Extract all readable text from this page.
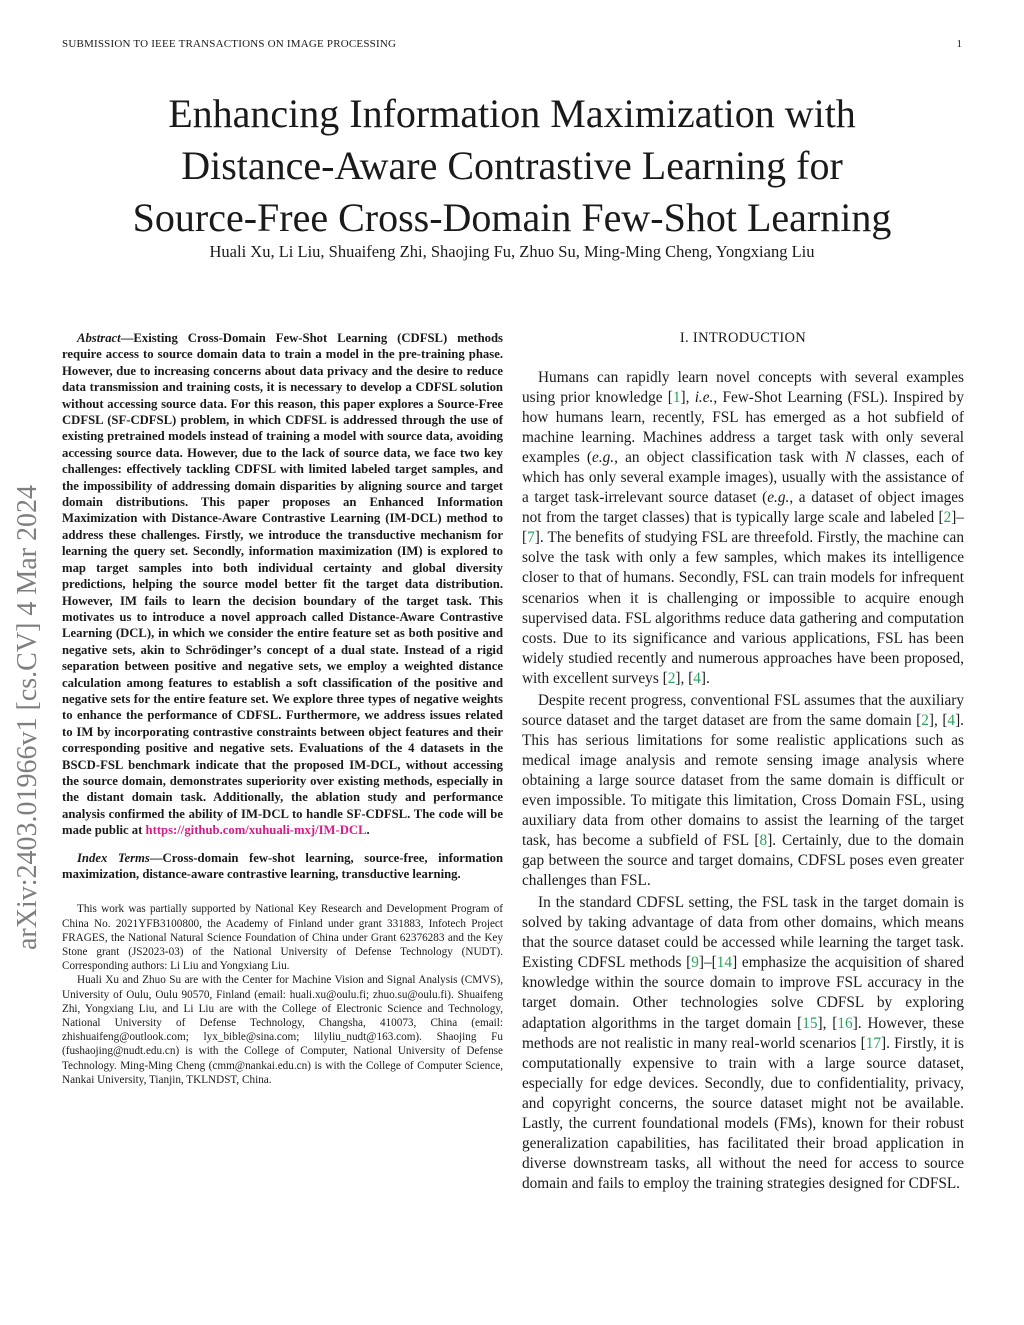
SUBMISSION TO IEEE TRANSACTIONS ON IMAGE PROCESSING	1
Enhancing Information Maximization with
Distance-Aware Contrastive Learning for
Source-Free Cross-Domain Few-Shot Learning
Huali Xu, Li Liu, Shuaifeng Zhi, Shaojing Fu, Zhuo Su, Ming-Ming Cheng, Yongxiang Liu
arXiv:2403.01966v1 [cs.CV] 4 Mar 2024

Abstract—Existing Cross-Domain Few-Shot Learning (CDFSL) methods require access to source domain data to train a model in the pre-training phase. However, due to increasing concerns about data privacy and the desire to reduce data transmission and training costs, it is necessary to develop a CDFSL solution without accessing source data. For this reason, this paper explores a Source-Free CDFSL (SF-CDFSL) problem, in which CDFSL is addressed through the use of existing pretrained models instead of training a model with source data, avoiding accessing source data. However, due to the lack of source data, we face two key challenges: effectively tackling CDFSL with limited labeled target samples, and the impossibility of addressing domain disparities by aligning source and target domain distributions. This paper proposes an Enhanced Information Maximization with Distance-Aware Contrastive Learning (IM-DCL) method to address these challenges. Firstly, we introduce the transductive mechanism for learning the query set. Secondly, information maximization (IM) is explored to map target samples into both individual certainty and global diversity predictions, helping the source model better fit the target data distribution. However, IM fails to learn the decision boundary of the target task. This motivates us to introduce a novel approach called Distance-Aware Contrastive Learning (DCL), in which we consider the entire feature set as both positive and negative sets, akin to Schrödinger’s concept of a dual state. Instead of a rigid separation between positive and negative sets, we employ a weighted distance calculation among features to establish a soft classification of the positive and negative sets for the entire feature set. We explore three types of negative weights to enhance the performance of CDFSL. Furthermore, we address issues related to IM by incorporating contrastive constraints between object features and their corresponding positive and negative sets. Evaluations of the 4 datasets in the BSCD-FSL benchmark indicate that the proposed IM-DCL, without accessing the source domain, demonstrates superiority over existing methods, especially in the distant domain task. Additionally, the ablation study and performance analysis confirmed the ability of IM-DCL to handle SF-CDFSL. The code will be made public at https://github.com/xuhuali-mxj/IM-DCL.

Index Terms—Cross-domain few-shot learning, source-free, information maximization, distance-aware contrastive learning, transductive learning.

This work was partially supported by National Key Research and Development Program of China No. 2021YFB3100800, the Academy of Finland under grant 331883, Infotech Project FRAGES, the National Natural Science Foundation of China under Grant 62376283 and the Key Stone grant (JS2023-03) of the National University of Defense Technology (NUDT). Corresponding authors: Li Liu and Yongxiang Liu.

Huali Xu and Zhuo Su are with the Center for Machine Vision and Signal Analysis (CMVS), University of Oulu, Oulu 90570, Finland (email: huali.xu@oulu.fi; zhuo.su@oulu.fi). Shuaifeng Zhi, Yongxiang Liu, and Li Liu are with the College of Electronic Science and Technology, National University of Defense Technology, Changsha, 410073, China (email: zhishuaifeng@outlook.com; lyx_bible@sina.com; lilyliu_nudt@163.com). Shaojing Fu (fushaojing@nudt.edu.cn) is with the College of Computer, National University of Defense Technology. Ming-Ming Cheng (cmm@nankai.edu.cn) is with the College of Computer Science, Nankai University, Tianjin, TKLNDST, China.

I. INTRODUCTION

Humans can rapidly learn novel concepts with several examples using prior knowledge [1], i.e., Few-Shot Learning (FSL). Inspired by how humans learn, recently, FSL has emerged as a hot subfield of machine learning. Machines address a target task with only several examples (e.g., an object classification task with N classes, each of which has only several example images), usually with the assistance of a target task-irrelevant source dataset (e.g., a dataset of object images not from the target classes) that is typically large scale and labeled [2]–[7]. The benefits of studying FSL are threefold. Firstly, the machine can solve the task with only a few samples, which makes its intelligence closer to that of humans. Secondly, FSL can train models for infrequent scenarios when it is challenging or impossible to acquire enough supervised data. FSL algorithms reduce data gathering and computation costs. Due to its significance and various applications, FSL has been widely studied recently and numerous approaches have been proposed, with excellent surveys [2], [4].

Despite recent progress, conventional FSL assumes that the auxiliary source dataset and the target dataset are from the same domain [2], [4]. This has serious limitations for some realistic applications such as medical image analysis and remote sensing image analysis where obtaining a large source dataset from the same domain is difficult or even impossible. To mitigate this limitation, Cross Domain FSL, using auxiliary data from other domains to assist the learning of the target task, has become a subfield of FSL [8]. Certainly, due to the domain gap between the source and target domains, CDFSL poses even greater challenges than FSL.

In the standard CDFSL setting, the FSL task in the target domain is solved by taking advantage of data from other domains, which means that the source dataset could be accessed while learning the target task. Existing CDFSL methods [9]–[14] emphasize the acquisition of shared knowledge within the source domain to improve FSL accuracy in the target domain. Other technologies solve CDFSL by exploring adaptation algorithms in the target domain [15], [16]. However, these methods are not realistic in many real-world scenarios [17]. Firstly, it is computationally expensive to train with a large source dataset, especially for edge devices. Secondly, due to confidentiality, privacy, and copyright concerns, the source dataset might not be available. Lastly, the current foundational models (FMs), known for their robust generalization capabilities, has facilitated their broad application in diverse downstream tasks, all without the need for access to source domain and fails to employ the training strategies designed for CDFSL.
